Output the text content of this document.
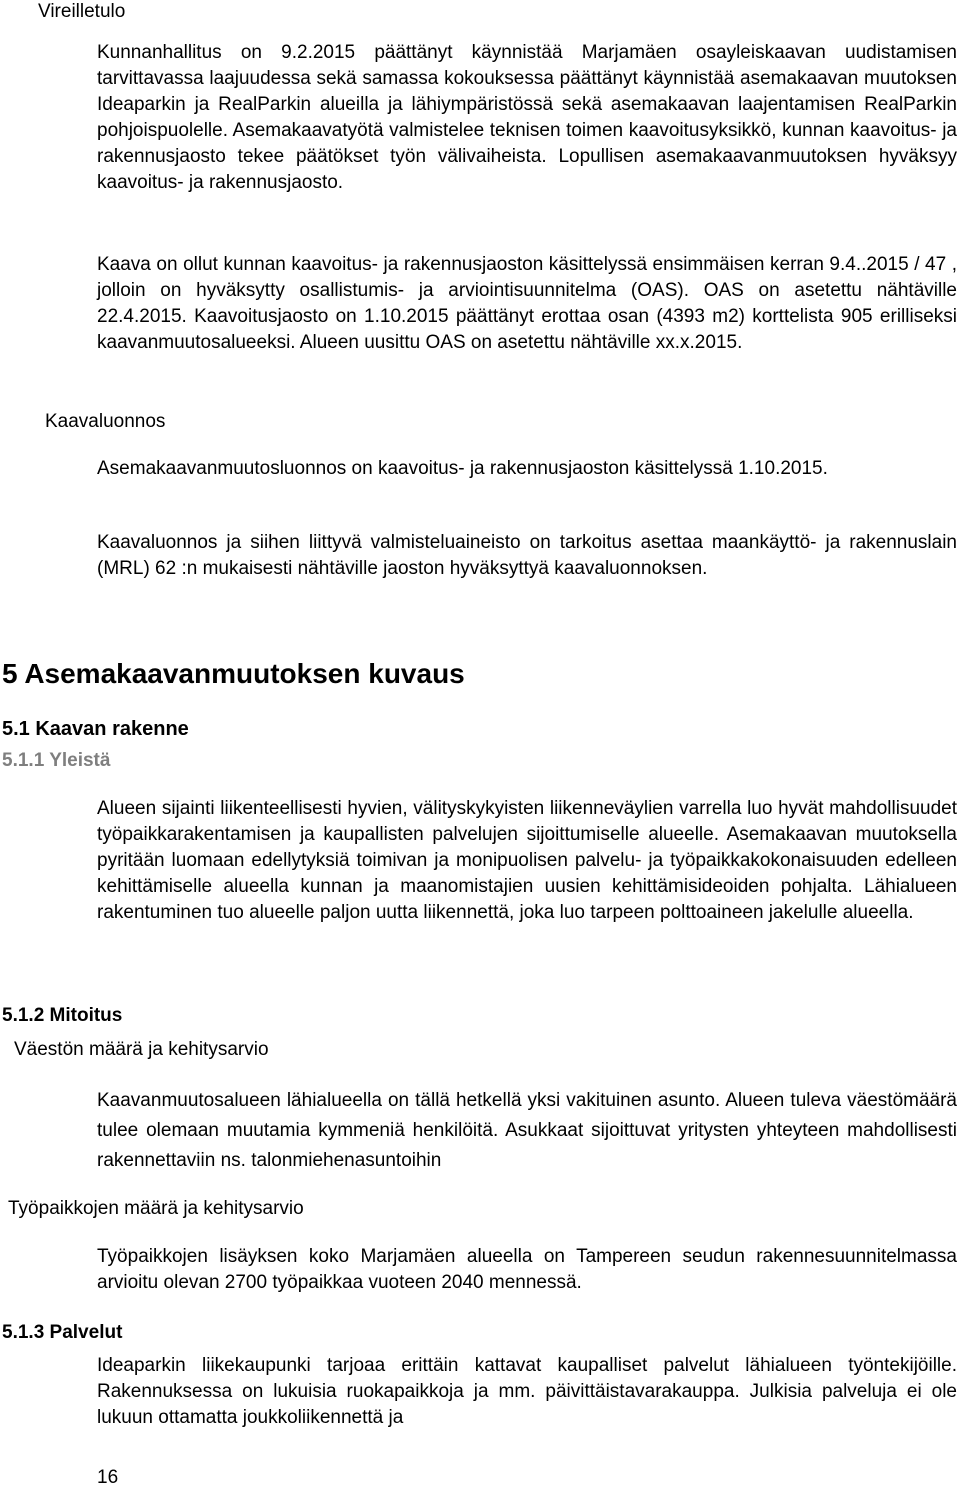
Vireilletulo
Kunnanhallitus on 9.2.2015 päättänyt käynnistää Marjamäen osayleiskaavan uudistamisen tarvittavassa laajuudessa sekä samassa kokouksessa päättänyt käynnistää asemakaavan muutoksen Ideaparkin ja RealParkin alueilla ja lähiympäristössä sekä asemakaavan laajentamisen RealParkin pohjoispuolelle. Asemakaavatyötä valmistelee teknisen toimen kaavoitusyksikkö, kunnan kaavoitus- ja rakennusjaosto tekee päätökset työn välivaiheista. Lopullisen asemakaavanmuutoksen hyväksyy kaavoitus- ja rakennusjaosto.
Kaava on ollut kunnan kaavoitus- ja rakennusjaoston käsittelyssä ensimmäisen kerran 9.4..2015 / 47 , jolloin on hyväksytty osallistumis- ja arviointisuunnitelma (OAS). OAS on asetettu nähtäville 22.4.2015. Kaavoitusjaosto on 1.10.2015 päättänyt erottaa osan (4393 m2) korttelista 905 erilliseksi kaavanmuutosalueeksi. Alueen uusittu OAS on asetettu nähtäville xx.x.2015.
Kaavaluonnos
Asemakaavanmuutosluonnos on kaavoitus- ja rakennusjaoston käsittelyssä 1.10.2015.
Kaavaluonnos ja siihen liittyvä valmisteluaineisto on tarkoitus asettaa maankäyttö- ja rakennuslain (MRL) 62 :n mukaisesti nähtäville jaoston hyväksyttyä kaavaluonnoksen.
5 Asemakaavanmuutoksen kuvaus
5.1 Kaavan rakenne
5.1.1 Yleistä
Alueen sijainti liikenteellisesti hyvien, välityskykyisten liikenneväylien varrella luo hyvät mahdollisuudet työpaikkarakentamisen ja kaupallisten palvelujen sijoittumiselle alueelle. Asemakaavan muutoksella pyritään luomaan edellytyksiä toimivan ja monipuolisen palvelu- ja työpaikkakokonaisuuden edelleen kehittämiselle alueella kunnan ja maanomistajien uusien kehittämisideoiden pohjalta. Lähialueen rakentuminen tuo alueelle paljon uutta liikennettä, joka luo tarpeen polttoaineen jakelulle alueella.
5.1.2 Mitoitus
Väestön määrä ja kehitysarvio
Kaavanmuutosalueen lähialueella on tällä hetkellä yksi vakituinen asunto. Alueen tuleva väestömäärä tulee olemaan muutamia kymmeniä henkilöitä. Asukkaat sijoittuvat yritysten yhteyteen mahdollisesti rakennettaviin ns. talonmiehenasuntoihin
Työpaikkojen määrä ja kehitysarvio
Työpaikkojen lisäyksen koko Marjamäen alueella on Tampereen seudun rakennesuunnitelmassa arvioitu olevan 2700 työpaikkaa vuoteen 2040 mennessä.
5.1.3 Palvelut
Ideaparkin liikekaupunki tarjoaa erittäin kattavat kaupalliset palvelut lähialueen työntekijöille. Rakennuksessa on lukuisia ruokapaikkoja ja mm. päivittäistavarakauppa. Julkisia palveluja ei ole lukuun ottamatta joukkoliikennettä ja
16
